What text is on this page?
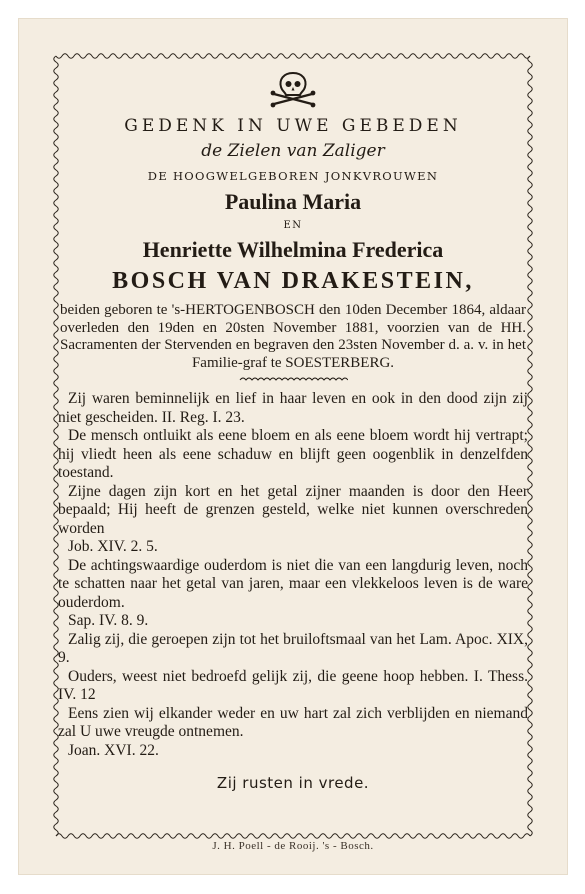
GEDENK IN UWE GEBEDEN
de Zielen van Zaliger
DE HOOGWELGEBOREN JONKVROUWEN
Paulina Maria
EN
Henriette Wilhelmina Frederica
BOSCH VAN DRAKESTEIN,
beiden geboren te 's-HERTOGENBOSCH den 10den December 1864, aldaar overleden den 19den en 20sten November 1881, voorzien van de HH. Sacramenten der Stervenden en begraven den 23sten November d. a. v. in het Familie-graf te SOESTERBERG.

Zij waren beminnelijk en lief in haar leven en ook in den dood zijn zij niet gescheiden. II. Reg. I. 23.

De mensch ontluikt als eene bloem en als eene bloem wordt hij vertrapt; hij vliedt heen als eene schaduw en blijft geen oogenblik in denzelfden toestand.

Zijne dagen zijn kort en het getal zijner maanden is door den Heer bepaald; Hij heeft de grenzen gesteld, welke niet kunnen overschreden worden
Job. XIV. 2. 5.

De achtingswaardige ouderdom is niet die van een langdurig leven, noch te schatten naar het getal van jaren, maar een vlekkeloos leven is de ware ouderdom.
Sap. IV. 8. 9.

Zalig zij, die geroepen zijn tot het bruiloftsmaal van het Lam. Apoc. XIX, 9.

Ouders, weest niet bedroefd gelijk zij, die geene hoop hebben. I. Thess. IV. 12

Eens zien wij elkander weder en uw hart zal zich verblijden en niemand zal U uwe vreugde ontnemen.
Joan. XVI. 22.

Zij rusten in vrede.
J. H. Poell - de Rooij. 's - Bosch.
